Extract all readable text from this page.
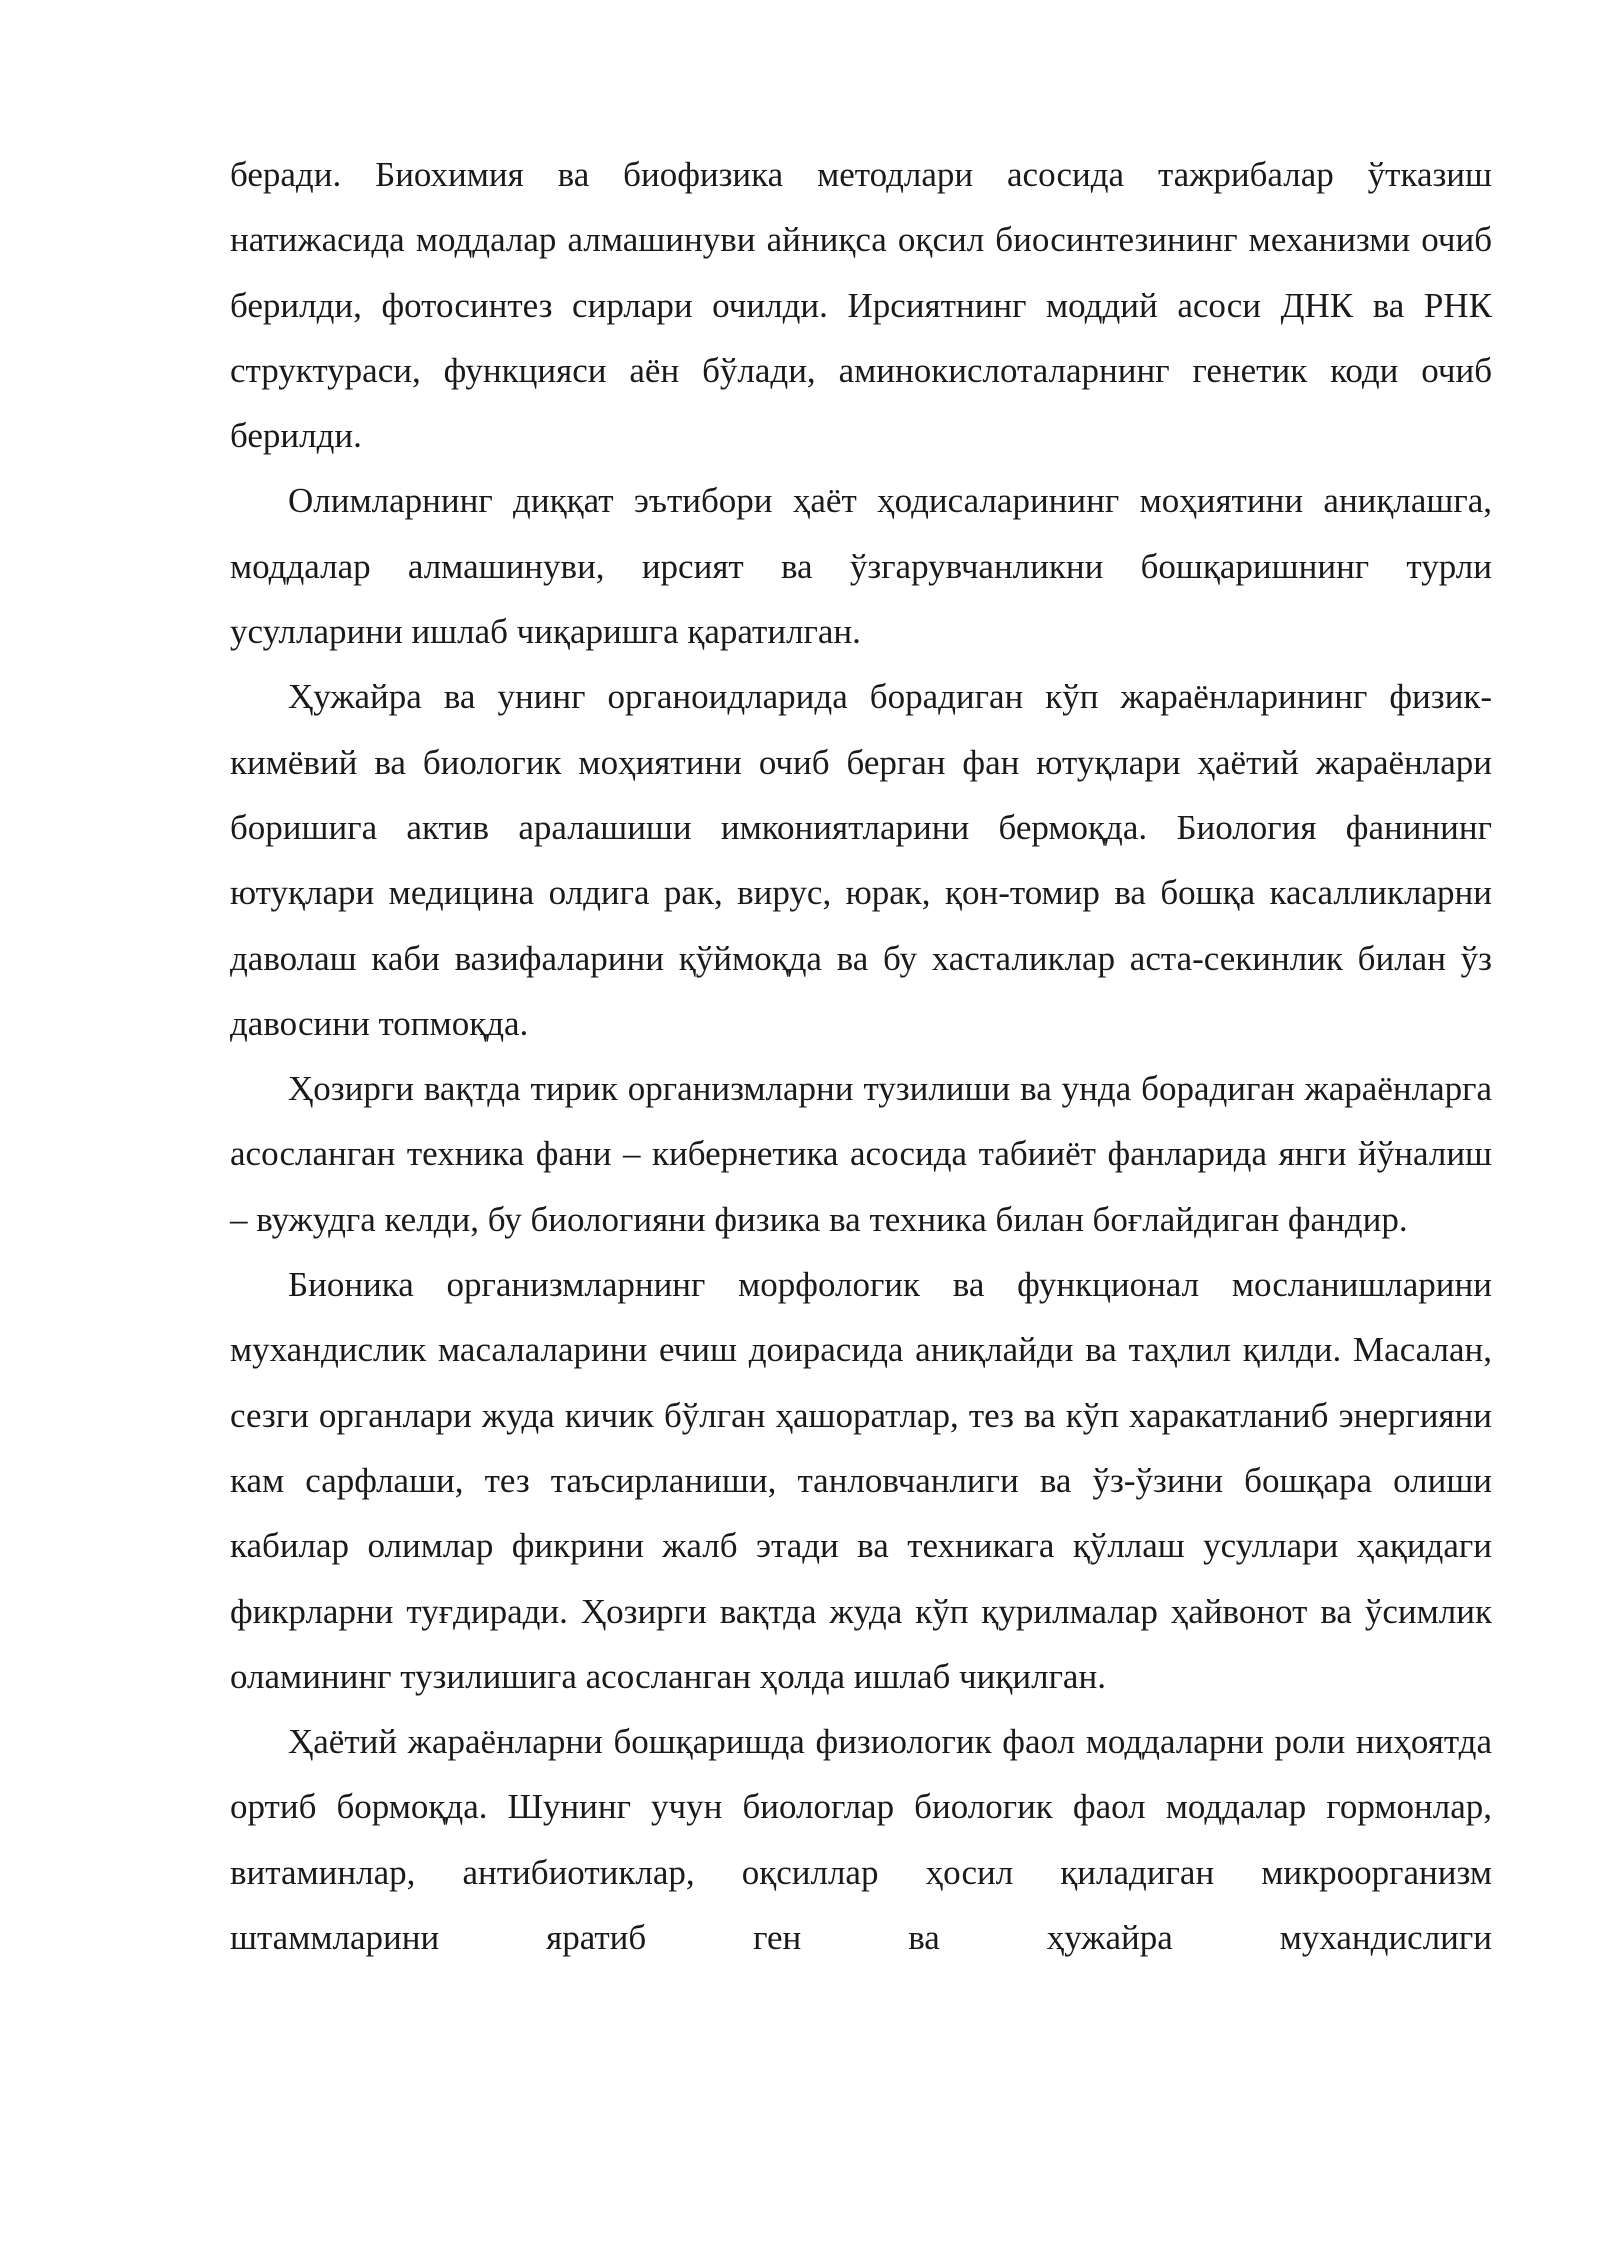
беради. Биохимия ва биофизика методлари асосида тажрибалар ўтказиш натижасида моддалар алмашинуви айниқса оқсил биосинтезининг механизми очиб берилди, фотосинтез сирлари очилди. Ирсиятнинг моддий асоси ДНК ва РНК структураси, функцияси аён бўлади, аминокислоталарнинг генетик коди очиб берилди.

Олимларнинг диққат эътибори ҳаёт ҳодисаларининг моҳиятини аниқлашга, моддалар алмашинуви, ирсият ва ўзгарувчанликни бошқаришнинг турли усулларини ишлаб чиқаришга қаратилган.

Ҳужайра ва унинг органоидларида борадиган кўп жараёнларининг физик-кимёвий ва биологик моҳиятини очиб берган фан ютуқлари ҳаётий жараёнлари боришига актив аралашиши имкониятларини бермоқда. Биология фанининг ютуқлари медицина олдига рак, вирус, юрак, қон-томир ва бошқа касалликларни даволаш каби вазифаларини қўймоқда ва бу хасталиклар аста-секинлик билан ўз давосини топмоқда.

Ҳозирги вақтда тирик организмларни тузилиши ва унда борадиган жараёнларга асосланган техника фани – кибернетика асосида табииёт фанларида янги йўналиш – вужудга келди, бу биологияни физика ва техника билан боғлайдиган фандир.

Бионика организмларнинг морфологик ва функционал мосланишларини мухандислик масалаларини ечиш доирасида аниқлайди ва таҳлил қилди. Масалан, сезги органлари жуда кичик бўлган ҳашоратлар, тез ва кўп харакатланиб энергияни кам сарфлаши, тез таъсирланиши, танловчанлиги ва ўз-ўзини бошқара олиши кабилар олимлар фикрини жалб этади ва техникага қўллаш усуллари ҳақидаги фикрларни туғдиради. Ҳозирги вақтда жуда кўп қурилмалар ҳайвонот ва ўсимлик оламининг тузилишига асосланган ҳолда ишлаб чиқилган.

Ҳаётий жараёнларни бошқаришда физиологик фаол моддаларни роли ниҳоятда ортиб бормоқда. Шунинг учун биологлар биологик фаол моддалар гормонлар, витаминлар, антибиотиклар, оқсиллар ҳосил қиладиган микроорганизм штаммларини яратиб ген ва ҳужайра мухандислиги
